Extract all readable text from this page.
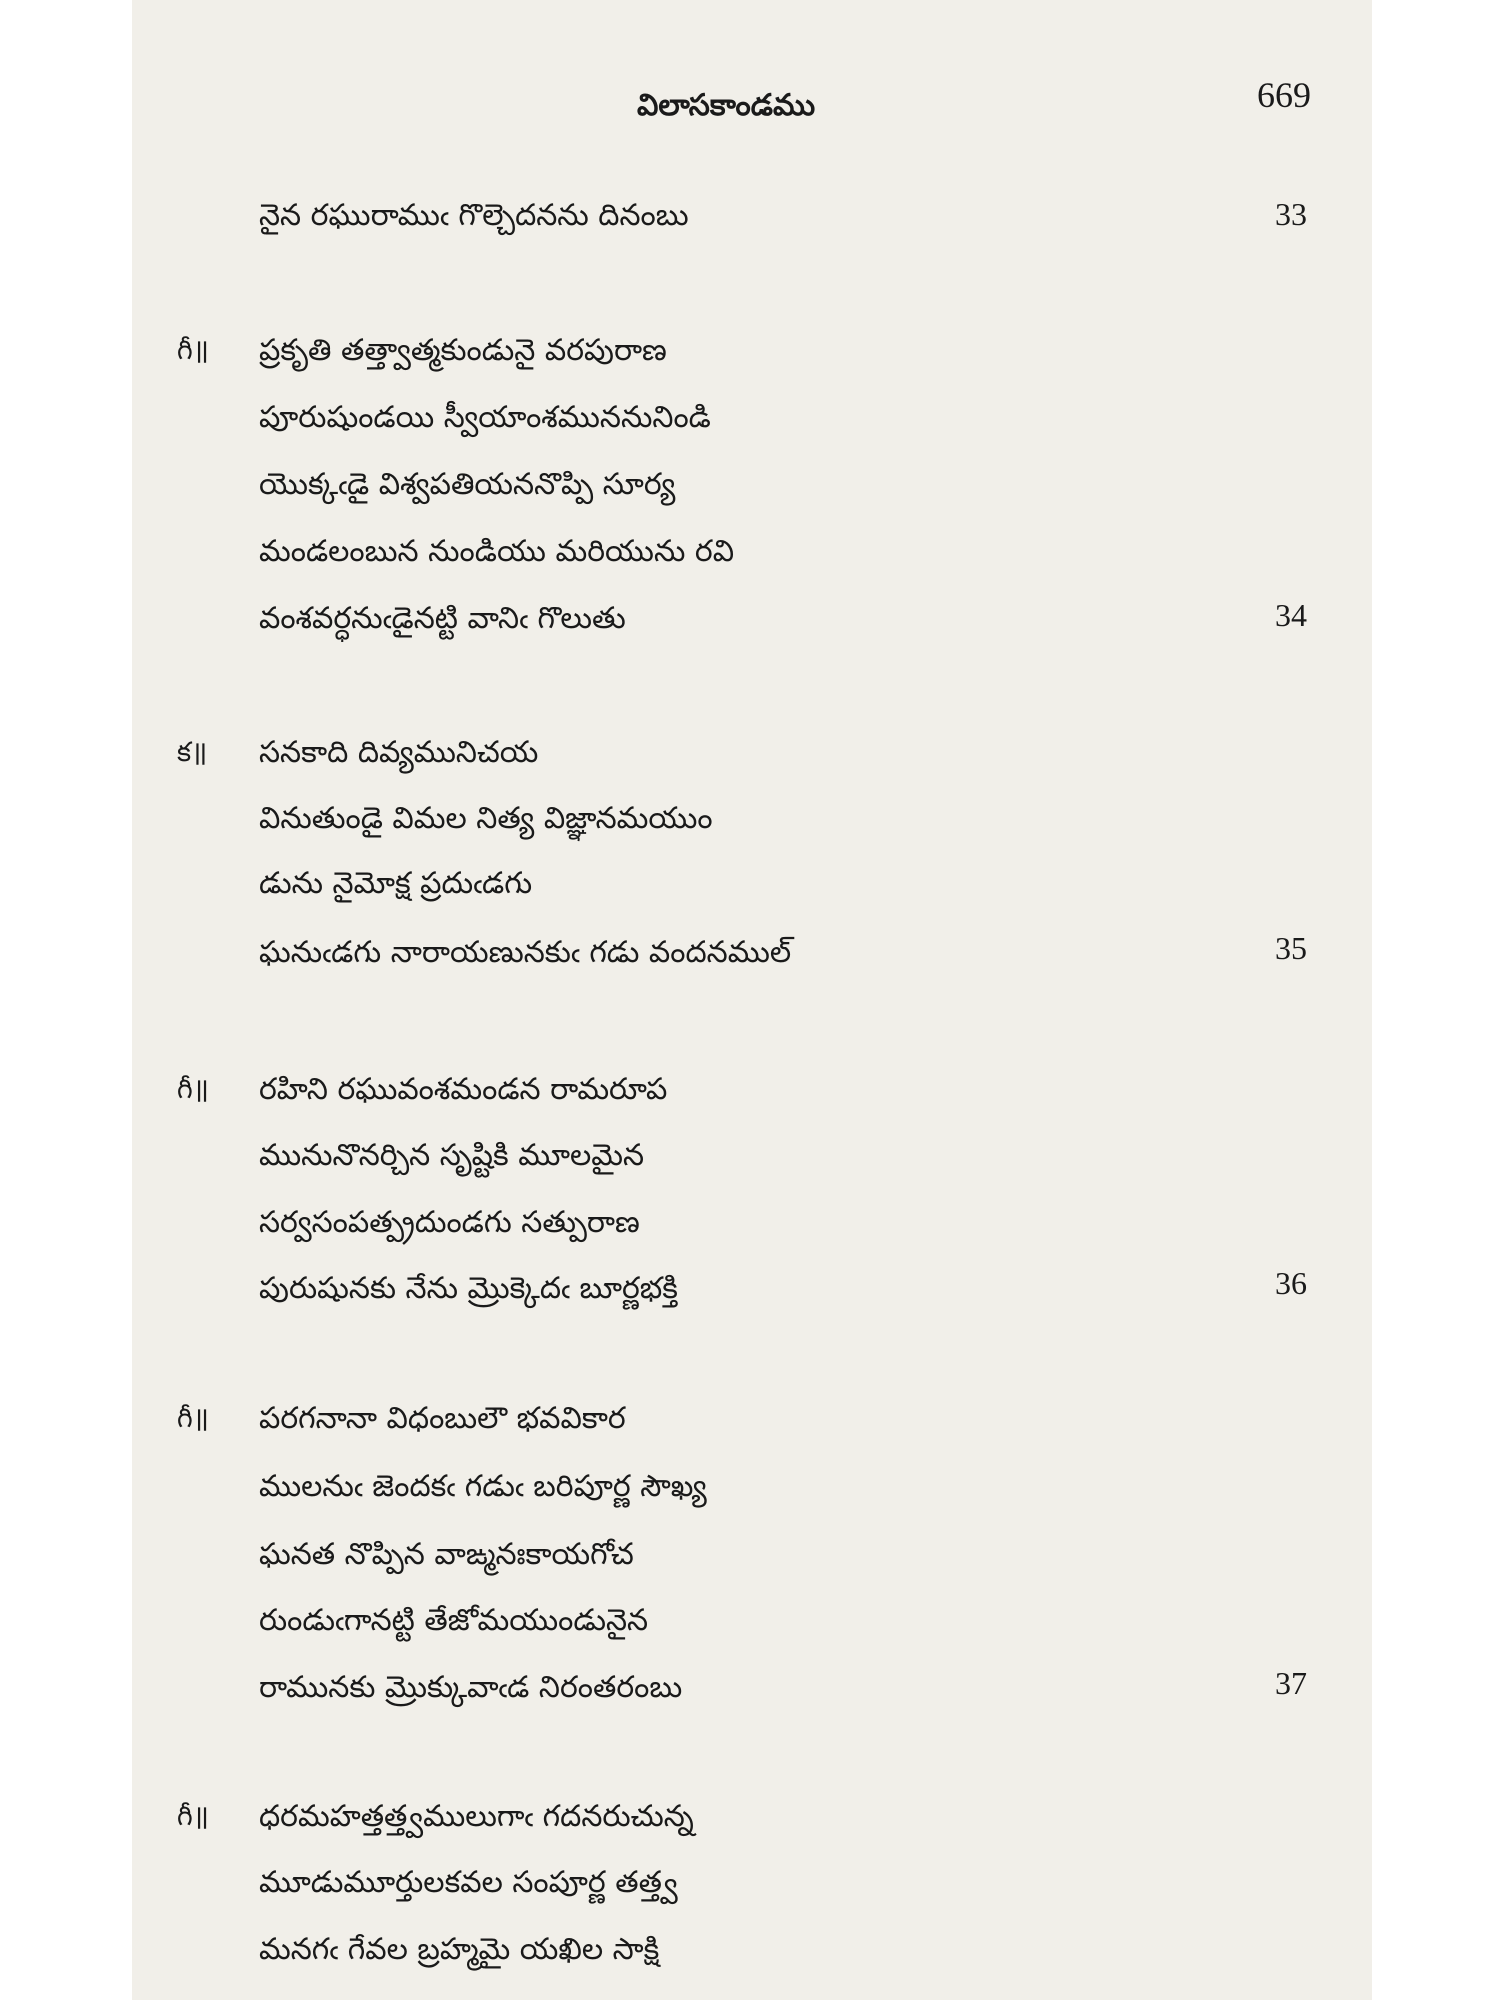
విలాసకాండము	669
నైన రఘురాముఁ గొల్చెదనను దినంబు	33
గీ॥ ప్రకృతి తత్త్వాత్మకుండునై వరపురాణ
పూరుషుండయి స్వీయాంశముననునిండి
యొక్కఁడై విశ్వపతియననొప్పి సూర్య
మండలంబున నుండియు మరియును రవి
వంశవర్ధనుఁడైనట్టి వానిఁ గొలుతు	34
క॥ సనకాది దివ్యమునిచయ
వినుతుండై విమల నిత్య విజ్ఞానమయుం
డును నైమోక్ష ప్రదుఁడగు
ఘనుఁడగు నారాయణునకుఁ గడు వందనముల్	35
గీ॥ రహిని రఘువంశమండన రామరూప
మునునొనర్చిన సృష్టికి మూలమైన
సర్వసంపత్ప్రదుండగు సత్పురాణ
పురుషునకు నేను మ్రొక్కెదఁ బూర్ణభక్తి	36
గీ॥ పరగనానా విధంబులౌ భవవికార
ములనుఁ జెందకఁ గడుఁ బరిపూర్ణ సౌఖ్య
ఘనత నొప్పిన వాఙ్మనఃకాయగోచ
రుండుఁగానట్టి తేజోమయుండునైన
రామునకు మ్రొక్కువాఁడ నిరంతరంబు	37
గీ॥ ధరమహత్తత్త్వములుగాఁ గదనరుచున్న
మూడుమూర్తులకవల సంపూర్ణ తత్త్వ
మనగఁ గేవల బ్రహ్మమై యఖిల సాక్షి
